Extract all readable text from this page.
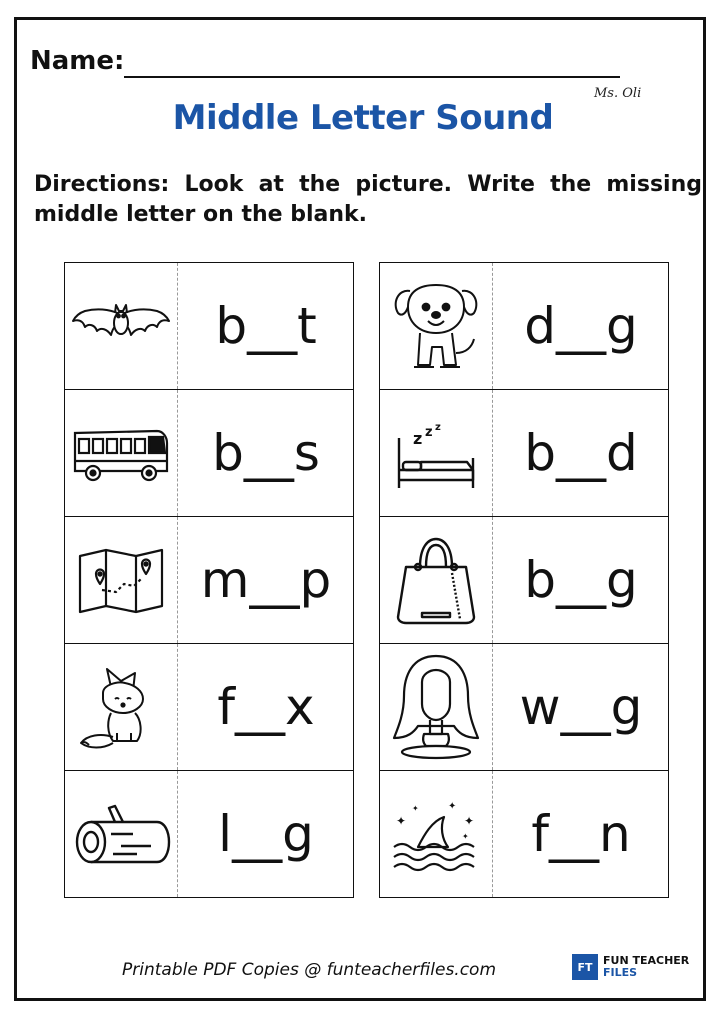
Name:
Ms. Oli
Middle Letter Sound
Directions: Look at the picture. Write the missing middle letter on the blank.
b__t
b__s
m__p
f__x
l__g
d__g
z z z	b__d
b__g
w__g
✦
✦	✦
✦
✦	f__n
Printable PDF Copies @ funteacherfiles.com	FT FUN TEACHER
FILES
